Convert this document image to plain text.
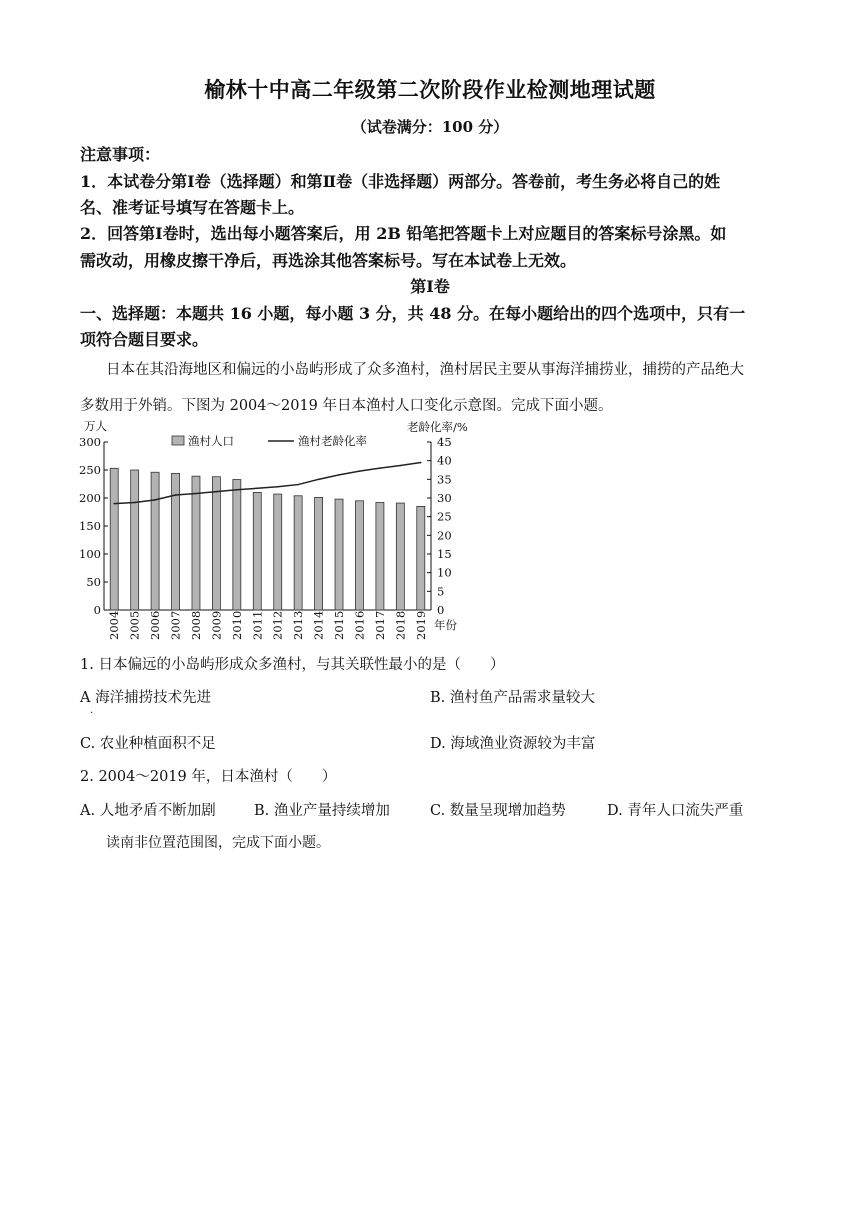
榆林十中高二年级第二次阶段作业检测地理试题
（试卷满分：100 分）
注意事项：
1．本试卷分第Ⅰ卷（选择题）和第Ⅱ卷（非选择题）两部分。答卷前，考生务必将自己的姓
名、准考证号填写在答题卡上。
2．回答第Ⅰ卷时，选出每小题答案后，用 2B 铅笔把答题卡上对应题目的答案标号涂黑。如
需改动，用橡皮擦干净后，再选涂其他答案标号。写在本试卷上无效。
第Ⅰ卷
一、选择题：本题共 16 小题，每小题 3 分，共 48 分。在每小题给出的四个选项中，只有一
项符合题目要求。
日本在其沿海地区和偏远的小岛屿形成了众多渔村，渔村居民主要从事海洋捕捞业，捕捞的产品绝大
多数用于外销。下图为 2004～2019 年日本渔村人口变化示意图。完成下面小题。
0
50
100
150
200
250
300
0
5
10
15
20
25
30
35
40
45
万人	老龄化率/%
年份
2004 2005 2006 2007 2008 2009 2010 2011 2012 2013 2014 2015 2016 2017 2018 2019
渔村人口	渔村老龄化率
1. 日本偏远的小岛屿形成众多渔村，与其关联性最小的是（　　）
A 海洋捕捞技术先进
.
B. 渔村鱼产品需求量较大
C. 农业种植面积不足	D. 海域渔业资源较为丰富
2. 2004～2019 年，日本渔村（　　）
A. 人地矛盾不断加剧	B. 渔业产量持续增加	C. 数量呈现增加趋势	D. 青年人口流失严重
读南非位置范围图，完成下面小题。
